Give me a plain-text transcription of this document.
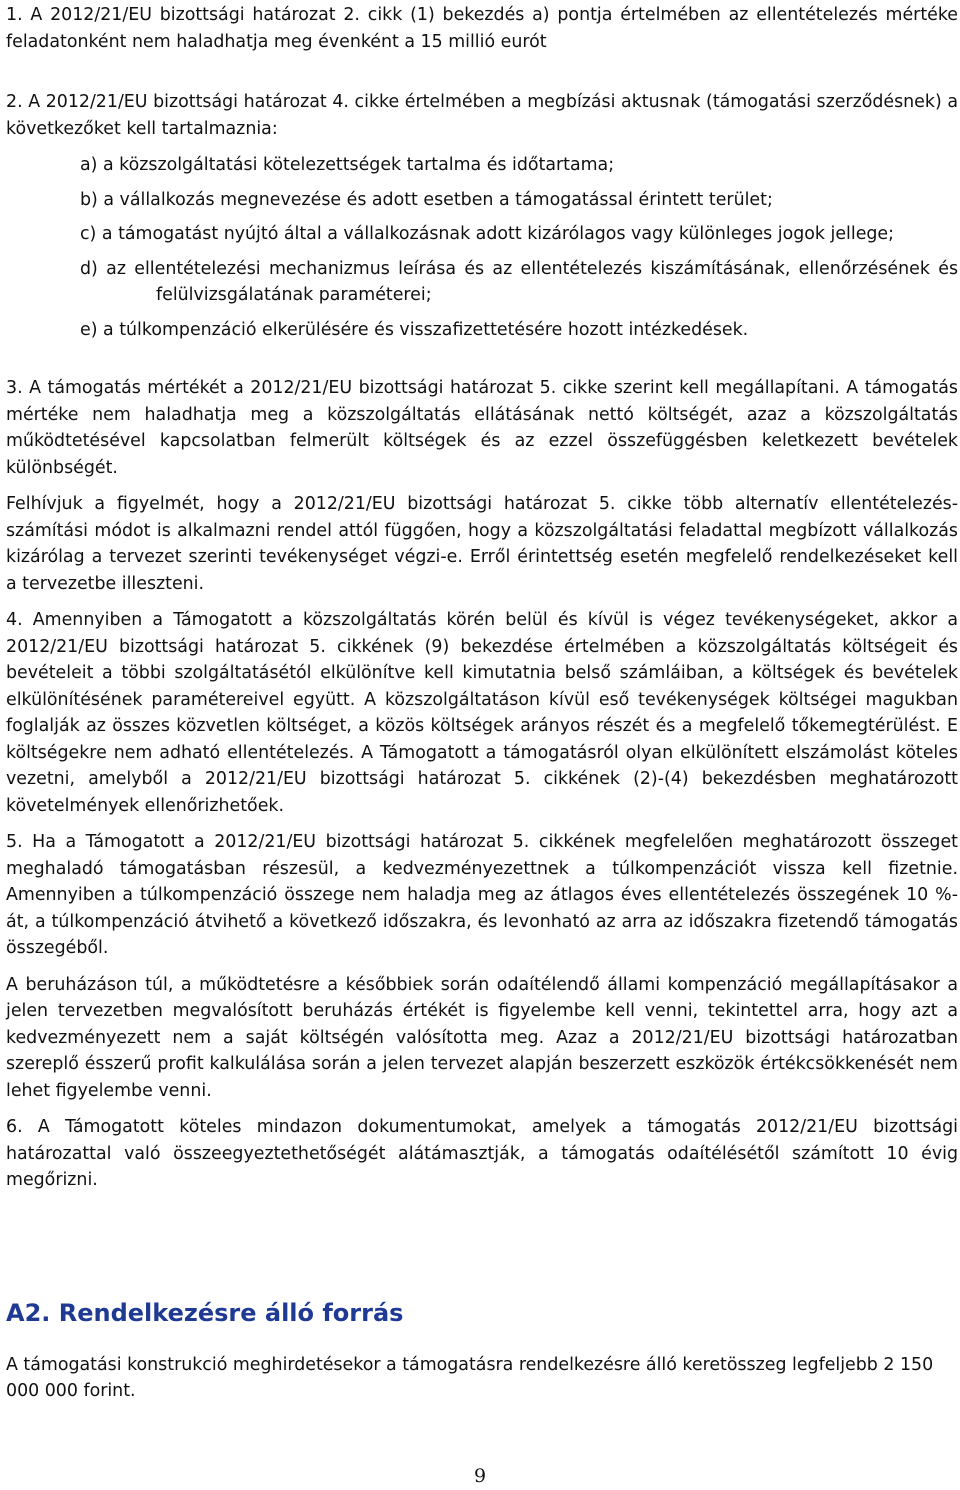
1. A 2012/21/EU bizottsági határozat 2. cikk (1) bekezdés a) pontja értelmében az ellentételezés mértéke feladatonként nem haladhatja meg évenként a 15 millió eurót

2. A 2012/21/EU bizottsági határozat 4. cikke értelmében a megbízási aktusnak (támogatási szerződésnek) a következőket kell tartalmaznia:

a) a közszolgáltatási kötelezettségek tartalma és időtartama;

b) a vállalkozás megnevezése és adott esetben a támogatással érintett terület;

c) a támogatást nyújtó által a vállalkozásnak adott kizárólagos vagy különleges jogok jellege;

d) az ellentételezési mechanizmus leírása és az ellentételezés kiszámításának, ellenőrzésének és felülvizsgálatának paraméterei;

e) a túlkompenzáció elkerülésére és visszafizettetésére hozott intézkedések.

3. A támogatás mértékét a 2012/21/EU bizottsági határozat 5. cikke szerint kell megállapítani. A támogatás mértéke nem haladhatja meg a közszolgáltatás ellátásának nettó költségét, azaz a közszolgáltatás működtetésével kapcsolatban felmerült költségek és az ezzel összefüggésben keletkezett bevételek különbségét.

Felhívjuk a figyelmét, hogy a 2012/21/EU bizottsági határozat 5. cikke több alternatív ellentételezés-számítási módot is alkalmazni rendel attól függően, hogy a közszolgáltatási feladattal megbízott vállalkozás kizárólag a tervezet szerinti tevékenységet végzi-e. Erről érintettség esetén megfelelő rendelkezéseket kell a tervezetbe illeszteni.

4. Amennyiben a Támogatott a közszolgáltatás körén belül és kívül is végez tevékenységeket, akkor a 2012/21/EU bizottsági határozat 5. cikkének (9) bekezdése értelmében a közszolgáltatás költségeit és bevételeit a többi szolgáltatásétól elkülönítve kell kimutatnia belső számláiban, a költségek és bevételek elkülönítésének paramétereivel együtt. A közszolgáltatáson kívül eső tevékenységek költségei magukban foglalják az összes közvetlen költséget, a közös költségek arányos részét és a megfelelő tőkemegtérülést. E költségekre nem adható ellentételezés. A Támogatott a támogatásról olyan elkülönített elszámolást köteles vezetni, amelyből a 2012/21/EU bizottsági határozat 5. cikkének (2)-(4) bekezdésben meghatározott követelmények ellenőrizhetőek.

5. Ha a Támogatott a 2012/21/EU bizottsági határozat 5. cikkének megfelelően meghatározott összeget meghaladó támogatásban részesül, a kedvezményezettnek a túlkompenzációt vissza kell fizetnie. Amennyiben a túlkompenzáció összege nem haladja meg az átlagos éves ellentételezés összegének 10 %-át, a túlkompenzáció átvihető a következő időszakra, és levonható az arra az időszakra fizetendő támogatás összegéből.

A beruházáson túl, a működtetésre a későbbiek során odaítélendő állami kompenzáció megállapításakor a jelen tervezetben megvalósított beruházás értékét is figyelembe kell venni, tekintettel arra, hogy azt a kedvezményezett nem a saját költségén valósította meg. Azaz a 2012/21/EU bizottsági határozatban szereplő ésszerű profit kalkulálása során a jelen tervezet alapján beszerzett eszközök értékcsökkenését nem lehet figyelembe venni.

6. A Támogatott köteles mindazon dokumentumokat, amelyek a támogatás 2012/21/EU bizottsági határozattal való összeegyeztethetőségét alátámasztják, a támogatás odaítélésétől számított 10 évig megőrizni.

A2. Rendelkezésre álló forrás

A támogatási konstrukció meghirdetésekor a támogatásra rendelkezésre álló keretösszeg legfeljebb 2 150 000 000 forint.

9
